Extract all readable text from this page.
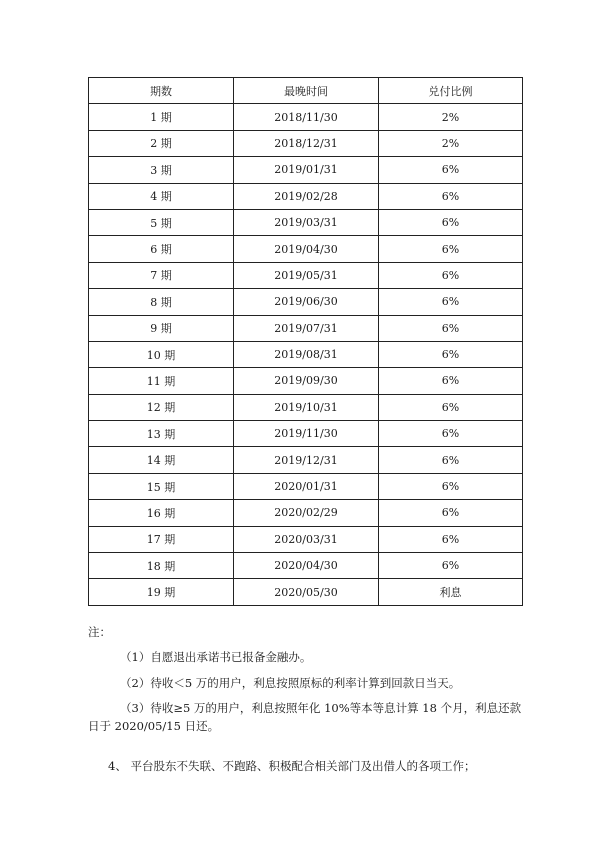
期数	最晚时间	兑付比例
1 期	2018/11/30	2%
2 期	2018/12/31	2%
3 期	2019/01/31	6%
4 期	2019/02/28	6%
5 期	2019/03/31	6%
6 期	2019/04/30	6%
7 期	2019/05/31	6%
8 期	2019/06/30	6%
9 期	2019/07/31	6%
10 期	2019/08/31	6%
11 期	2019/09/30	6%
12 期	2019/10/31	6%
13 期	2019/11/30	6%
14 期	2019/12/31	6%
15 期	2020/01/31	6%
16 期	2020/02/29	6%
17 期	2020/03/31	6%
18 期	2020/04/30	6%
19 期	2020/05/30	利息

注：

（1）自愿退出承诺书已报备金融办。

（2）待收＜5 万的用户，利息按照原标的利率计算到回款日当天。

（3）待收≥5 万的用户，利息按照年化 10%等本等息计算 18 个月，利息还款日于 2020/05/15 日还。

4、 平台股东不失联、不跑路、积极配合相关部门及出借人的各项工作；
